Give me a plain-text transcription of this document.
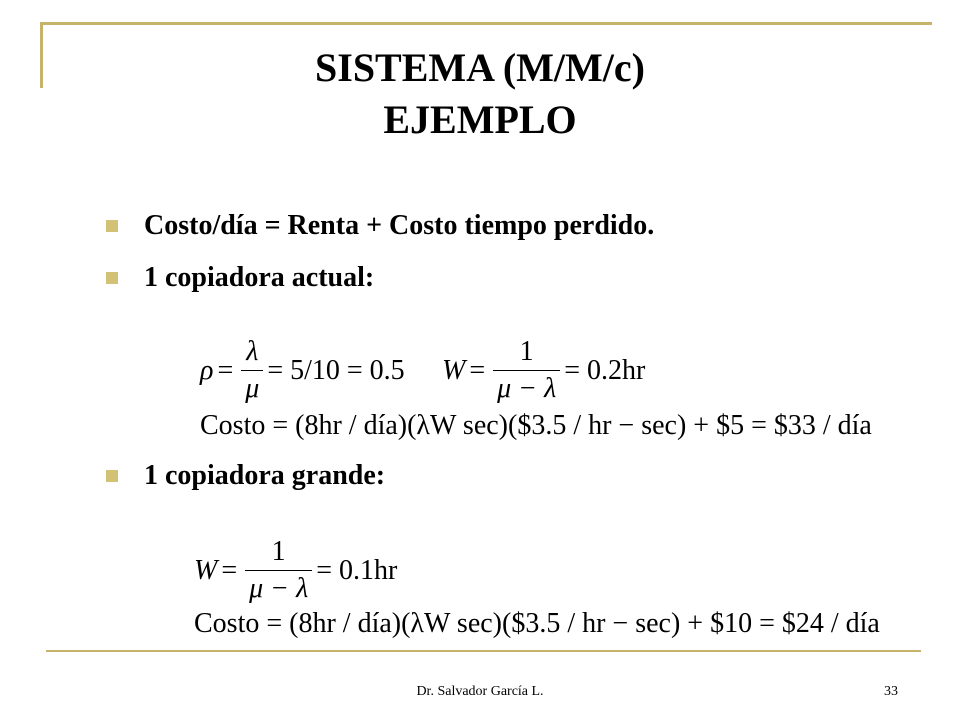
SISTEMA (M/M/c)
EJEMPLO
Costo/día = Renta + Costo tiempo perdido.
1 copiadora actual:
$\rho = \frac{\lambda}{\mu} = 5/10 = 0.5$ $W = \frac{1}{\mu - \lambda} = 0.2hr$
Costo = (8hr / día)(λW sec)($3.5 / hr − sec) + $5 = $33 / día
1 copiadora grande:
$W = \frac{1}{\mu - \lambda} = 0.1hr$
Costo = (8hr / día)(λW sec)($3.5 / hr − sec) + $10 = $24 / día
Dr. Salvador García L.	33
